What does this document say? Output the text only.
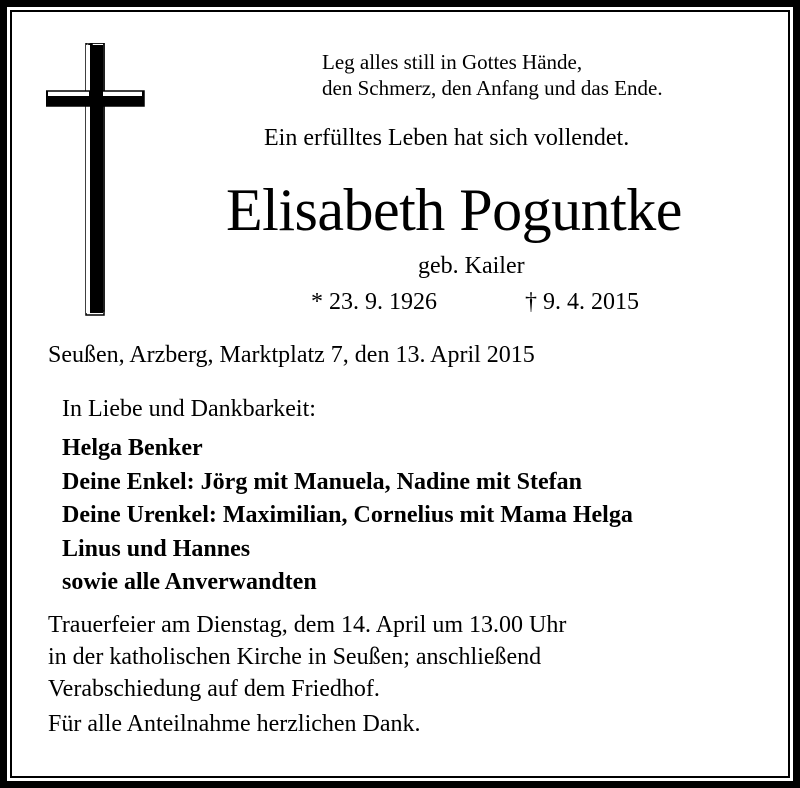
Leg alles still in Gottes Hände,
den Schmerz, den Anfang und das Ende.
Ein erfülltes Leben hat sich vollendet.
Elisabeth Poguntke
geb. Kailer
* 23. 9. 1926	† 9. 4. 2015
Seußen, Arzberg, Marktplatz 7, den 13. April 2015
In Liebe und Dankbarkeit:
Helga Benker
Deine Enkel: Jörg mit Manuela, Nadine mit Stefan
Deine Urenkel: Maximilian, Cornelius mit Mama Helga
Linus und Hannes
sowie alle Anverwandten
Trauerfeier am Dienstag, dem 14. April um 13.00 Uhr
in der katholischen Kirche in Seußen; anschließend
Verabschiedung auf dem Friedhof.
Für alle Anteilnahme herzlichen Dank.
